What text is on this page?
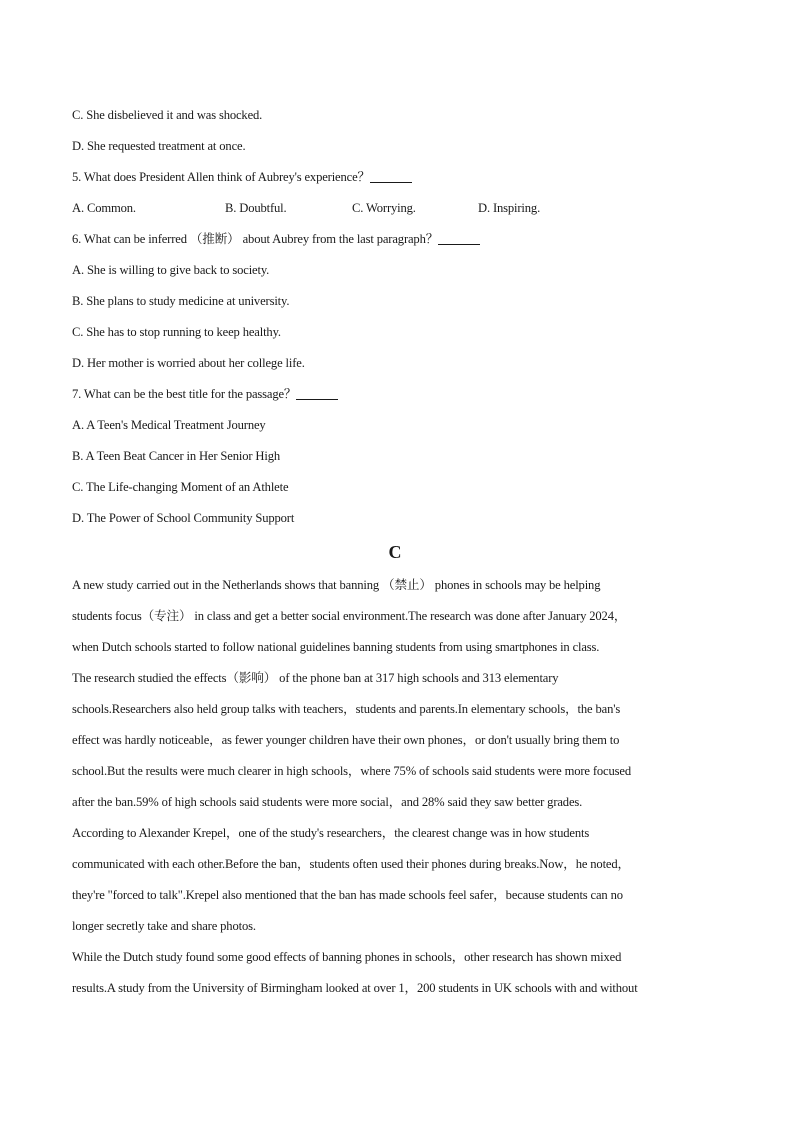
C. She disbelieved it and was shocked.
D. She requested treatment at once.
5. What does President Allen think of Aubrey's experience？
A. Common.	B. Doubtful.	C. Worrying.	D. Inspiring.
6. What can be inferred （推断） about Aubrey from the last paragraph？
A. She is willing to give back to society.
B. She plans to study medicine at university.
C. She has to stop running to keep healthy.
D. Her mother is worried about her college life.
7. What can be the best title for the passage？
A. A Teen's Medical Treatment Journey
B. A Teen Beat Cancer in Her Senior High
C. The Life-changing Moment of an Athlete
D. The Power of School Community Support
C
A new study carried out in the Netherlands shows that banning （禁止） phones in schools may be helping
students focus（专注） in class and get a better social environment.The research was done after January 2024，
when Dutch schools started to follow national guidelines banning students from using smartphones in class.
The research studied the effects（影响） of the phone ban at 317 high schools and 313 elementary
schools.Researchers also held group talks with teachers，students and parents.In elementary schools，the ban's
effect was hardly noticeable，as fewer younger children have their own phones，or don't usually bring them to
school.But the results were much clearer in high schools，where 75% of schools said students were more focused
after the ban.59% of high schools said students were more social，and 28% said they saw better grades.
According to Alexander Krepel，one of the study's researchers，the clearest change was in how students
communicated with each other.Before the ban，students often used their phones during breaks.Now，he noted，
they're "forced to talk".Krepel also mentioned that the ban has made schools feel safer，because students can no
longer secretly take and share photos.
While the Dutch study found some good effects of banning phones in schools，other research has shown mixed
results.A study from the University of Birmingham looked at over 1，200 students in UK schools with and without
